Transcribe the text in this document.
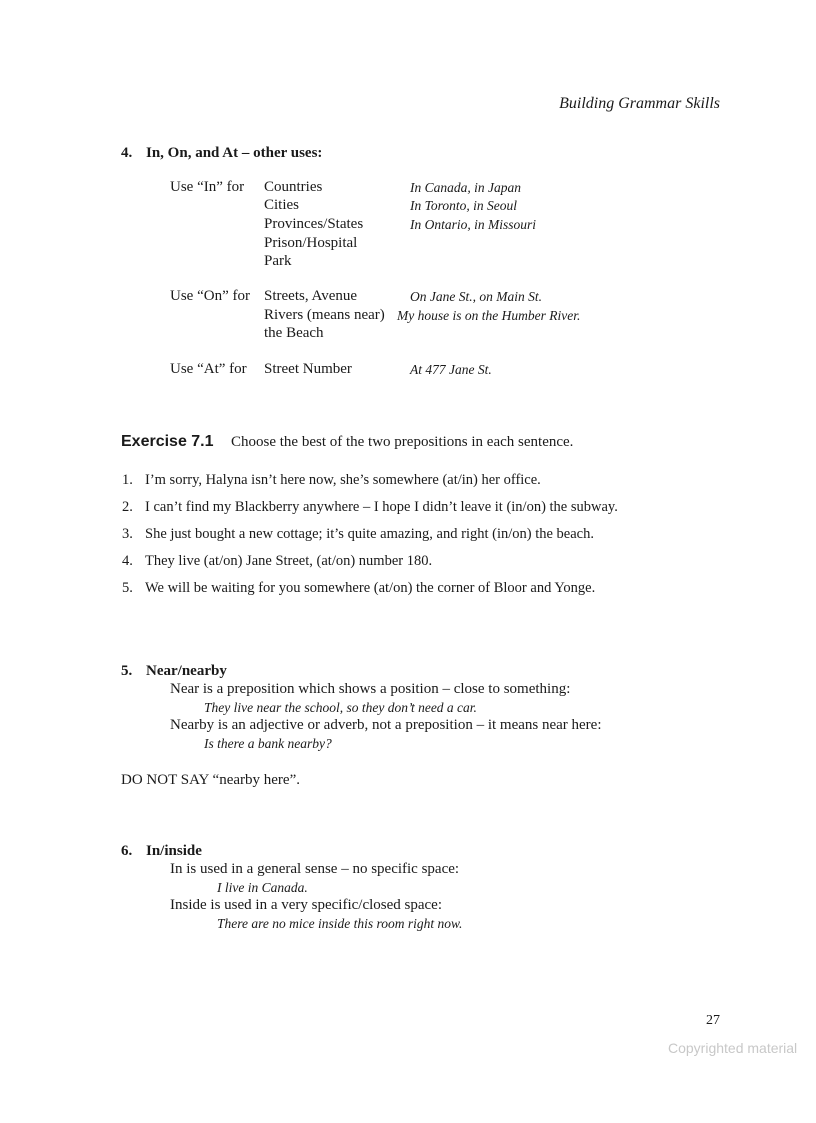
Building Grammar Skills
4. In, On, and At – other uses:
Use “In” for Countries
Cities
Provinces/States
Prison/Hospital
Park
In Canada, in Japan
In Toronto, in Seoul
In Ontario, in Missouri
Use “On” for Streets, Avenue
Rivers (means near)
the Beach
On Jane St., on Main St.
My house is on the Humber River.
Use “At” for Street Number	At 477 Jane St.
Exercise 7.1 Choose the best of the two prepositions in each sentence.
1. I’m sorry, Halyna isn’t here now, she’s somewhere (at/in) her office.
2. I can’t find my Blackberry anywhere – I hope I didn’t leave it (in/on) the subway.
3. She just bought a new cottage; it’s quite amazing, and right (in/on) the beach.
4. They live (at/on) Jane Street, (at/on) number 180.
5. We will be waiting for you somewhere (at/on) the corner of Bloor and Yonge.
5. Near/nearby
Near is a preposition which shows a position – close to something:
They live near the school, so they don’t need a car.
Nearby is an adjective or adverb, not a preposition – it means near here:
Is there a bank nearby?
DO NOT SAY “nearby here”.
6. In/inside
In is used in a general sense – no specific space:
I live in Canada.
Inside is used in a very specific/closed space:
There are no mice inside this room right now.
27
Copyrighted material
